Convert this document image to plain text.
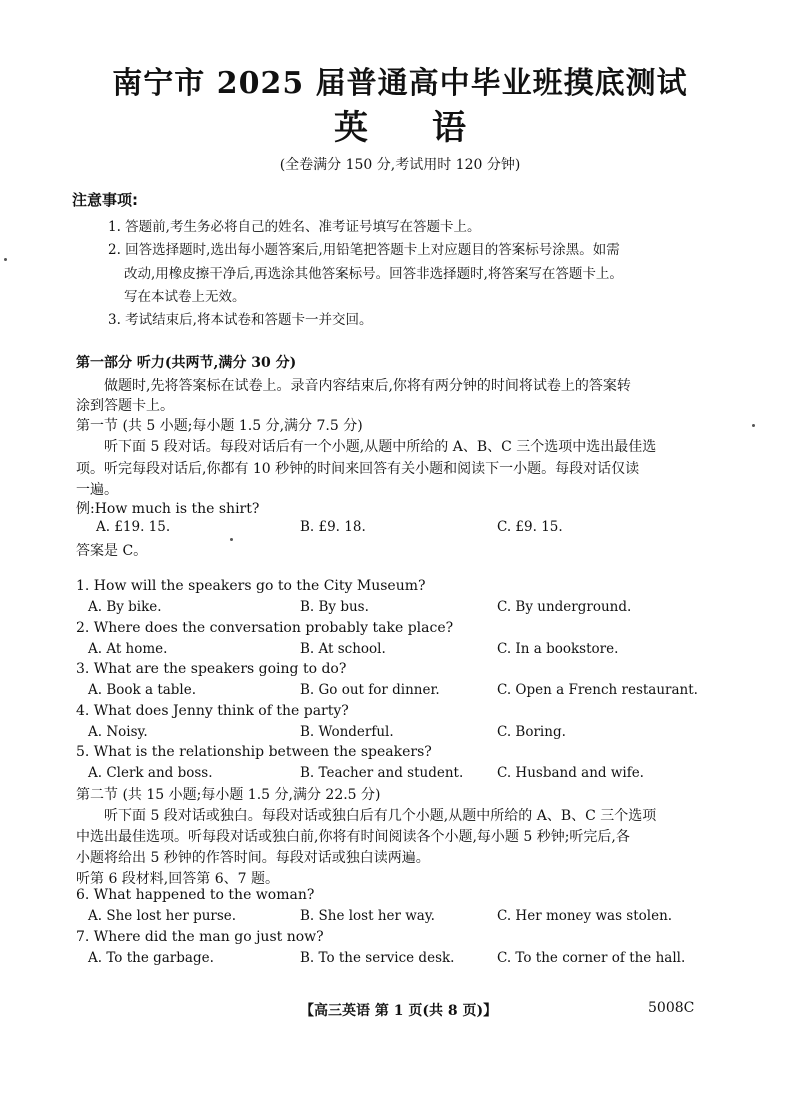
南宁市 2025 届普通高中毕业班摸底测试
英语
(全卷满分 150 分,考试用时 120 分钟)
注意事项:
1. 答题前,考生务必将自己的姓名、准考证号填写在答题卡上。
2. 回答选择题时,选出每小题答案后,用铅笔把答题卡上对应题目的答案标号涂黑。如需
改动,用橡皮擦干净后,再选涂其他答案标号。回答非选择题时,将答案写在答题卡上。
写在本试卷上无效。
3. 考试结束后,将本试卷和答题卡一并交回。
第一部分 听力(共两节,满分 30 分)
做题时,先将答案标在试卷上。录音内容结束后,你将有两分钟的时间将试卷上的答案转
涂到答题卡上。
第一节 (共 5 小题;每小题 1.5 分,满分 7.5 分)
听下面 5 段对话。每段对话后有一个小题,从题中所给的 A、B、C 三个选项中选出最佳选
项。听完每段对话后,你都有 10 秒钟的时间来回答有关小题和阅读下一小题。每段对话仅读
一遍。
例:How much is the shirt?
A. £19. 15.	B. £9. 18.	C. £9. 15.
答案是 C。
1. How will the speakers go to the City Museum?
A. By bike.	B. By bus.	C. By underground.
2. Where does the conversation probably take place?
A. At home.	B. At school.	C. In a bookstore.
3. What are the speakers going to do?
A. Book a table.	B. Go out for dinner.	C. Open a French restaurant.
4. What does Jenny think of the party?
A. Noisy.	B. Wonderful.	C. Boring.
5. What is the relationship between the speakers?
A. Clerk and boss.	B. Teacher and student. C. Husband and wife.
第二节 (共 15 小题;每小题 1.5 分,满分 22.5 分)
听下面 5 段对话或独白。每段对话或独白后有几个小题,从题中所给的 A、B、C 三个选项
中选出最佳选项。听每段对话或独白前,你将有时间阅读各个小题,每小题 5 秒钟;听完后,各
小题将给出 5 秒钟的作答时间。每段对话或独白读两遍。
听第 6 段材料,回答第 6、7 题。
6. What happened to the woman?
A. She lost her purse.	B. She lost her way.	C. Her money was stolen.
7. Where did the man go just now?
A. To the garbage.	B. To the service desk.	C. To the corner of the hall.
【高三英语 第 1 页(共 8 页)】	5008C
